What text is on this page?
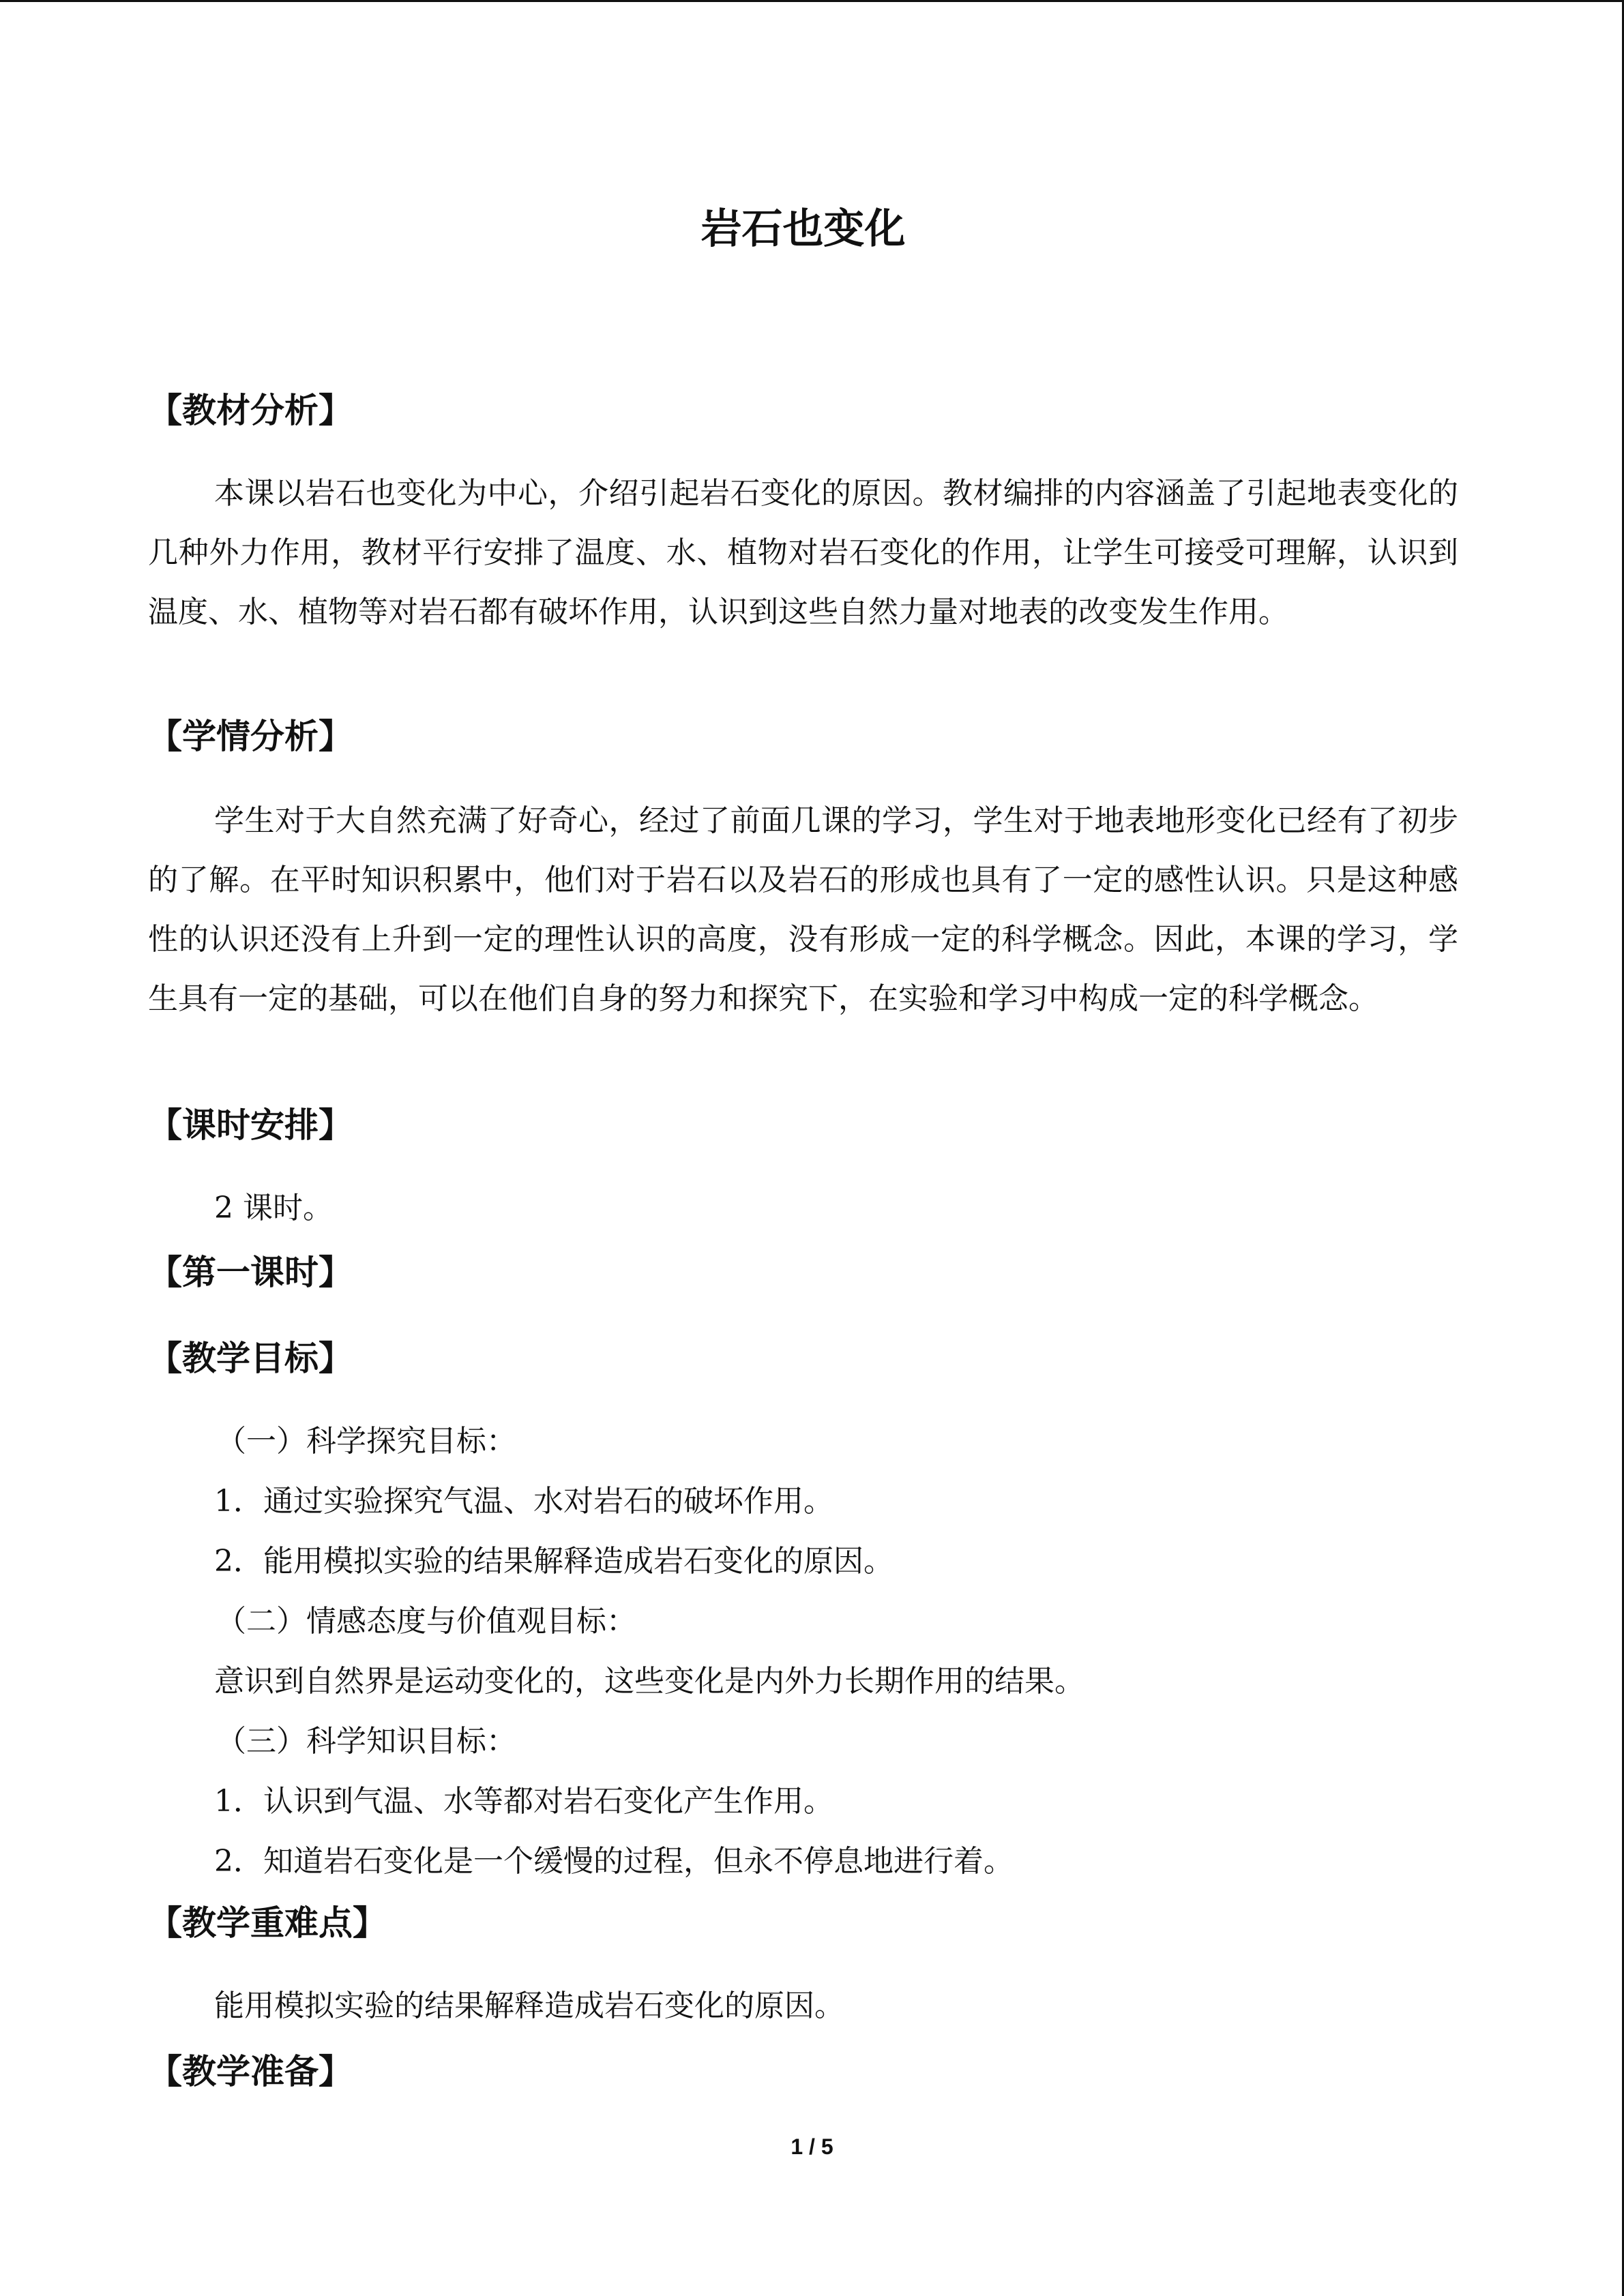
岩石也变化
【教材分析】
本课以岩石也变化为中心，介绍引起岩石变化的原因。教材编排的内容涵盖了引起地表变化的几种外力作用，教材平行安排了温度、水、植物对岩石变化的作用，让学生可接受可理解，认识到温度、水、植物等对岩石都有破坏作用，认识到这些自然力量对地表的改变发生作用。
【学情分析】
学生对于大自然充满了好奇心，经过了前面几课的学习，学生对于地表地形变化已经有了初步的了解。在平时知识积累中，他们对于岩石以及岩石的形成也具有了一定的感性认识。只是这种感性的认识还没有上升到一定的理性认识的高度，没有形成一定的科学概念。因此，本课的学习，学生具有一定的基础，可以在他们自身的努力和探究下，在实验和学习中构成一定的科学概念。
【课时安排】
2 课时。
【第一课时】
【教学目标】
（一）科学探究目标：
1．通过实验探究气温、水对岩石的破坏作用。
2．能用模拟实验的结果解释造成岩石变化的原因。
（二）情感态度与价值观目标：
意识到自然界是运动变化的，这些变化是内外力长期作用的结果。
（三）科学知识目标：
1．认识到气温、水等都对岩石变化产生作用。
2．知道岩石变化是一个缓慢的过程，但永不停息地进行着。
【教学重难点】
能用模拟实验的结果解释造成岩石变化的原因。
【教学准备】
1 / 5
